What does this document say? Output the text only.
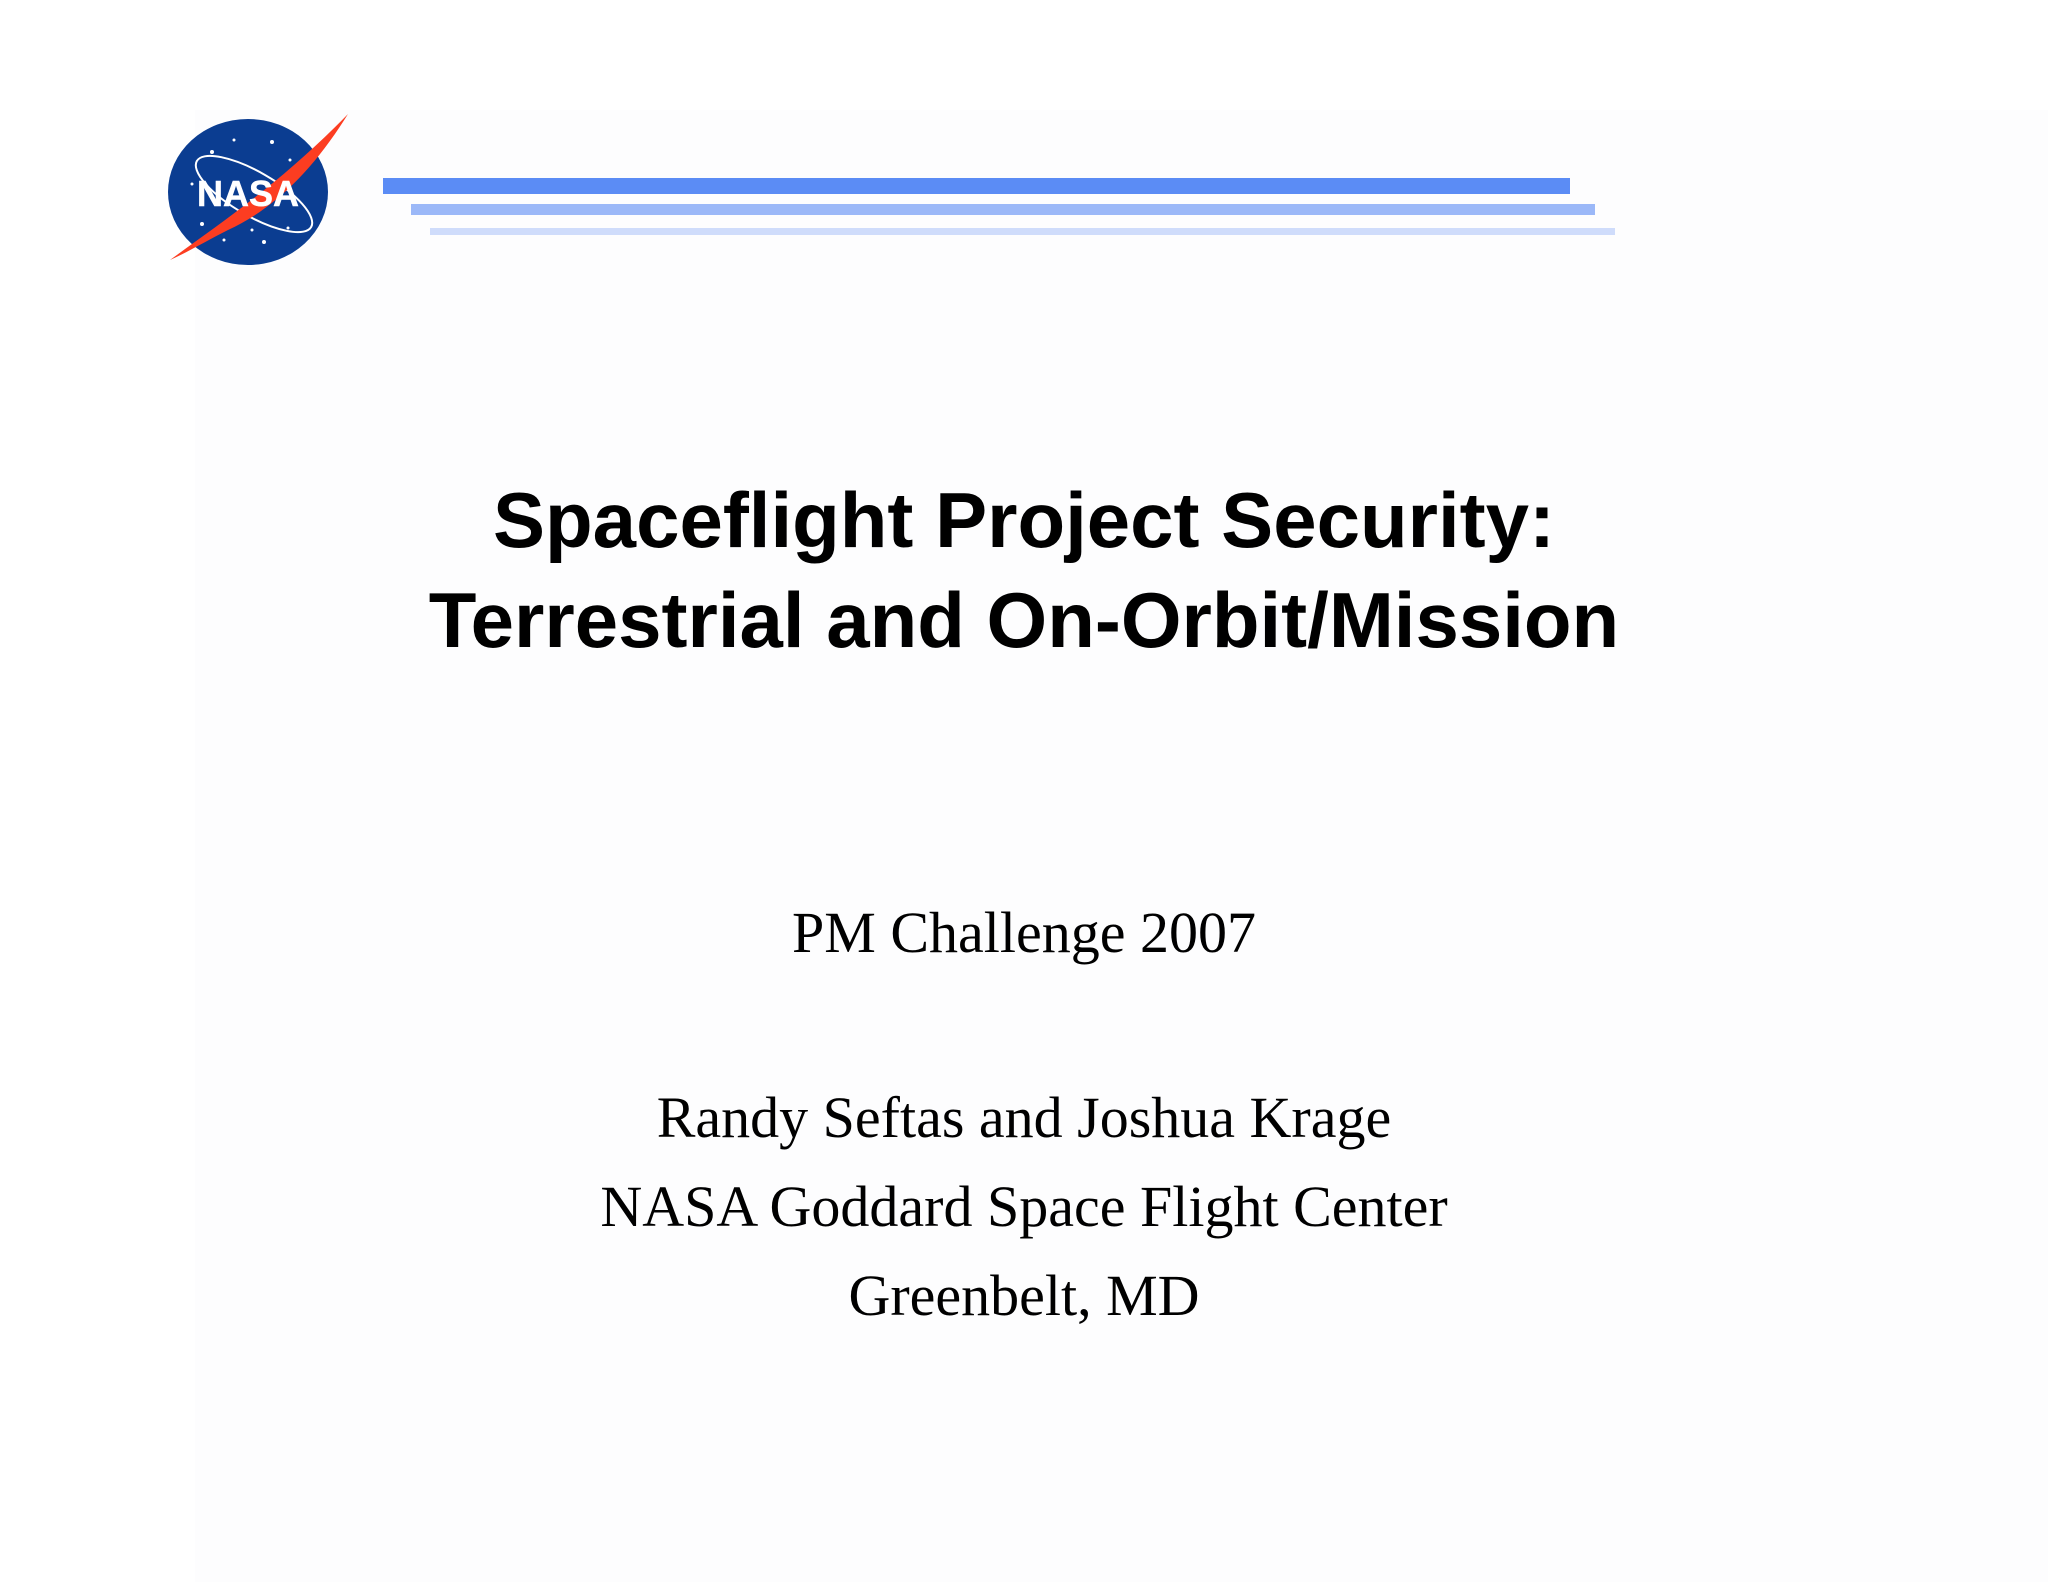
NASA
Spaceflight Project Security:
Terrestrial and On-Orbit/Mission
PM Challenge 2007
Randy Seftas and Joshua Krage
NASA Goddard Space Flight Center
Greenbelt, MD
